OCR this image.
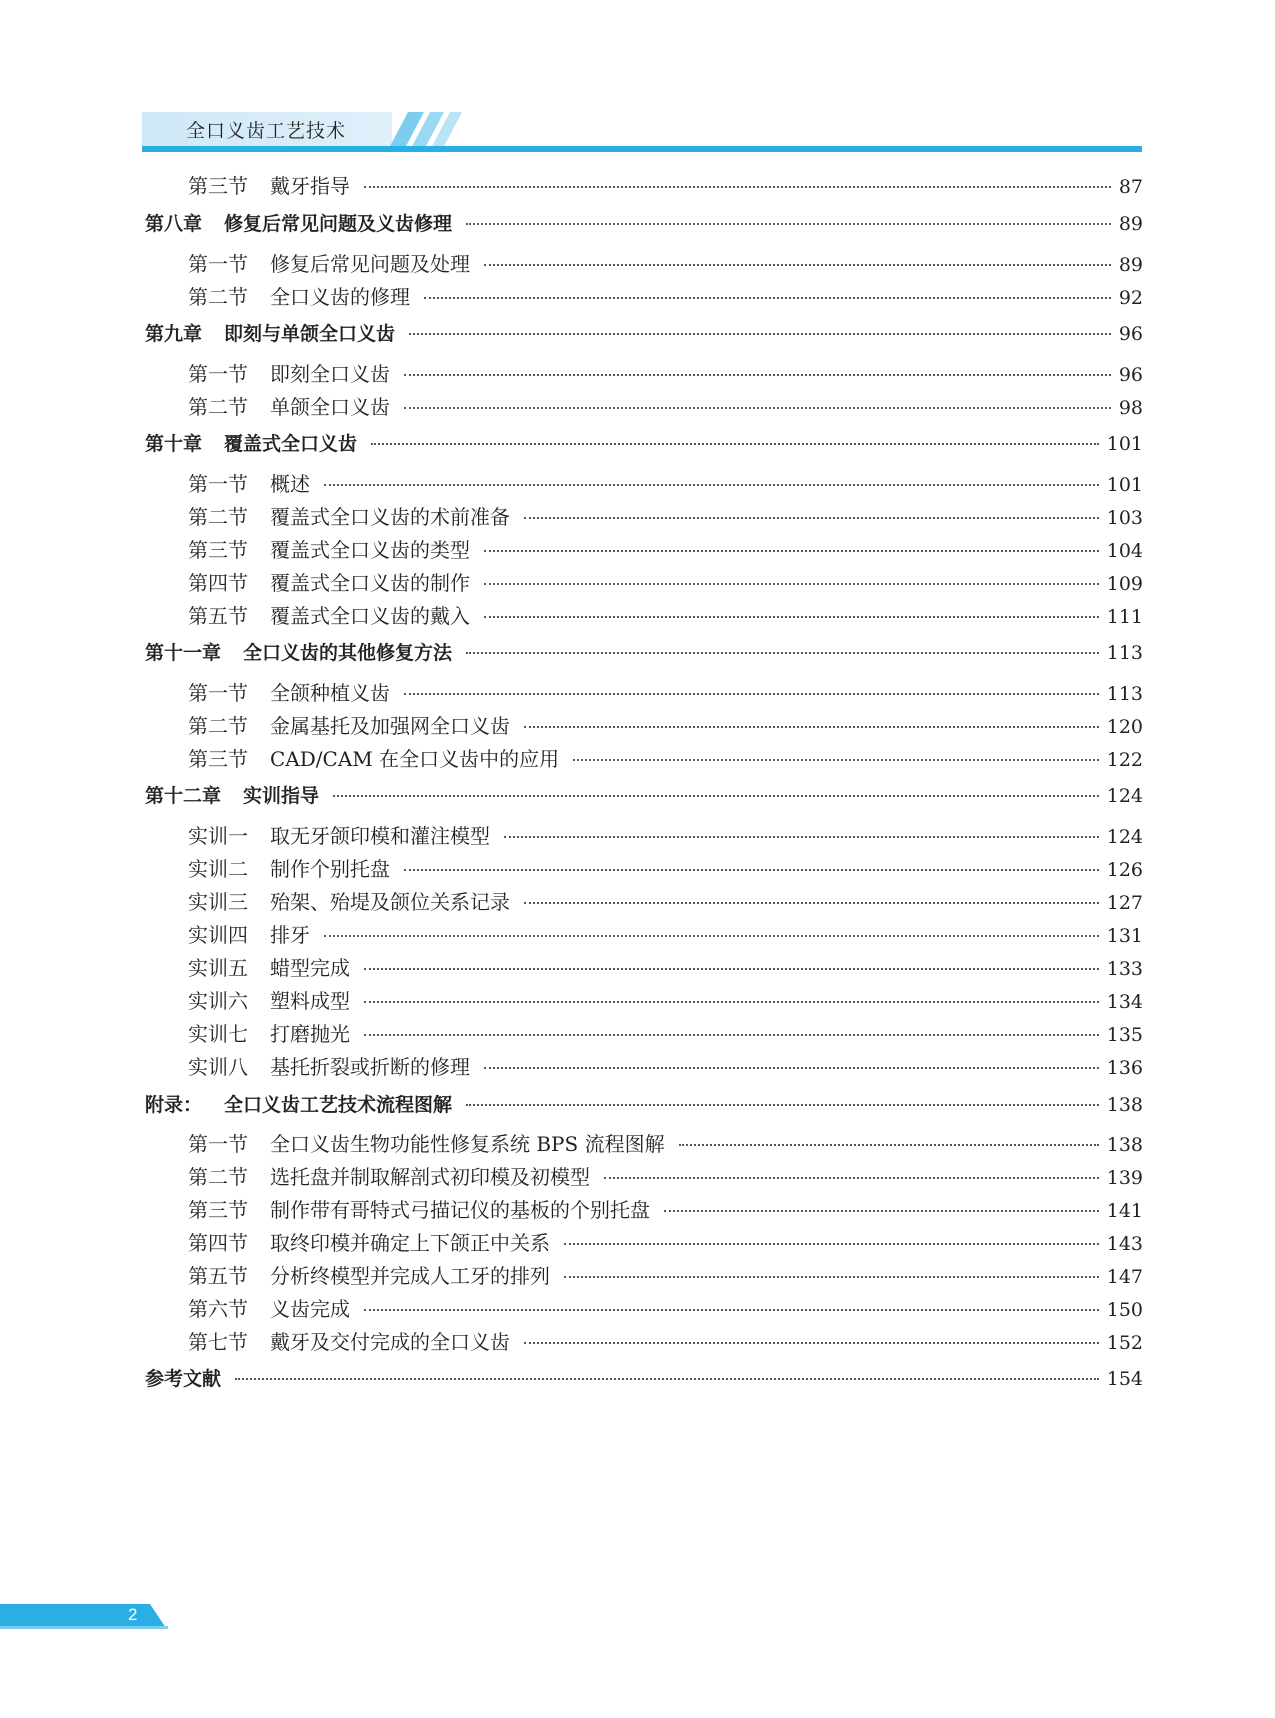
全口义齿工艺技术
第三节 戴牙指导	87
第八章 修复后常见问题及义齿修理	89
第一节 修复后常见问题及处理	89
第二节 全口义齿的修理	92
第九章 即刻与单颌全口义齿	96
第一节 即刻全口义齿	96
第二节 单颌全口义齿	98
第十章 覆盖式全口义齿	101
第一节 概述	101
第二节 覆盖式全口义齿的术前准备	103
第三节 覆盖式全口义齿的类型	104
第四节 覆盖式全口义齿的制作	109
第五节 覆盖式全口义齿的戴入	111
第十一章 全口义齿的其他修复方法	113
第一节 全颌种植义齿	113
第二节 金属基托及加强网全口义齿	120
第三节 CAD/CAM 在全口义齿中的应用	122
第十二章 实训指导	124
实训一 取无牙颌印模和灌注模型	124
实训二 制作个别托盘	126
实训三 殆架、殆堤及颌位关系记录	127
实训四 排牙	131
实训五 蜡型完成	133
实训六 塑料成型	134
实训七 打磨抛光	135
实训八 基托折裂或折断的修理	136
附录： 全口义齿工艺技术流程图解	138
第一节 全口义齿生物功能性修复系统 BPS 流程图解	138
第二节 选托盘并制取解剖式初印模及初模型	139
第三节 制作带有哥特式弓描记仪的基板的个别托盘	141
第四节 取终印模并确定上下颌正中关系	143
第五节 分析终模型并完成人工牙的排列	147
第六节 义齿完成	150
第七节 戴牙及交付完成的全口义齿	152
参考文献	154
2
